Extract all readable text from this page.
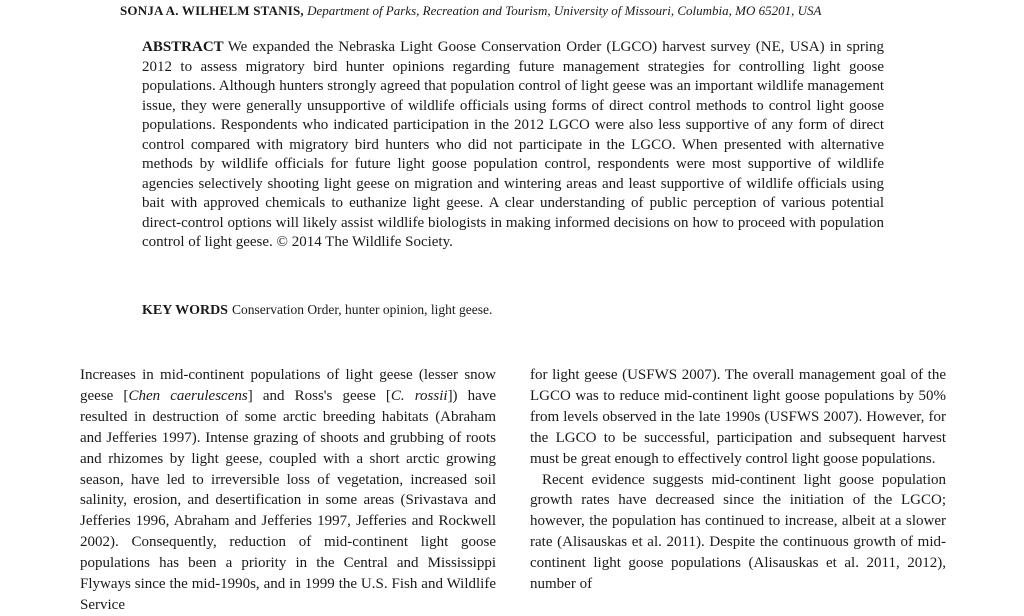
SONJA A. WILHELM STANIS, Department of Parks, Recreation and Tourism, University of Missouri, Columbia, MO 65201, USA
ABSTRACT We expanded the Nebraska Light Goose Conservation Order (LGCO) harvest survey (NE, USA) in spring 2012 to assess migratory bird hunter opinions regarding future management strategies for controlling light goose populations. Although hunters strongly agreed that population control of light geese was an important wildlife management issue, they were generally unsupportive of wildlife officials using forms of direct control methods to control light goose populations. Respondents who indicated participation in the 2012 LGCO were also less supportive of any form of direct control compared with migratory bird hunters who did not participate in the LGCO. When presented with alternative methods by wildlife officials for future light goose population control, respondents were most supportive of wildlife agencies selectively shooting light geese on migration and wintering areas and least supportive of wildlife officials using bait with approved chemicals to euthanize light geese. A clear understanding of public perception of various potential direct-control options will likely assist wildlife biologists in making informed decisions on how to proceed with population control of light geese. © 2014 The Wildlife Society.
KEY WORDS Conservation Order, hunter opinion, light geese.

Increases in mid-continent populations of light geese (lesser snow geese [Chen caerulescens] and Ross's geese [C. rossii]) have resulted in destruction of some arctic breeding habitats (Abraham and Jefferies 1997). Intense grazing of shoots and grubbing of roots and rhizomes by light geese, coupled with a short arctic growing season, have led to irreversible loss of vegetation, increased soil salinity, erosion, and desertification in some areas (Srivastava and Jefferies 1996, Abraham and Jefferies 1997, Jefferies and Rockwell 2002). Consequently, reduction of mid-continent light goose populations has been a priority in the Central and Mississippi Flyways since the mid-1990s, and in 1999 the U.S. Fish and Wildlife Service

for light geese (USFWS 2007). The overall management goal of the LGCO was to reduce mid-continent light goose populations by 50% from levels observed in the late 1990s (USFWS 2007). However, for the LGCO to be successful, participation and subsequent harvest must be great enough to effectively control light goose populations.

Recent evidence suggests mid-continent light goose population growth rates have decreased since the initiation of the LGCO; however, the population has continued to increase, albeit at a slower rate (Alisauskas et al. 2011). Despite the continuous growth of mid-continent light goose populations (Alisauskas et al. 2011, 2012), number of
